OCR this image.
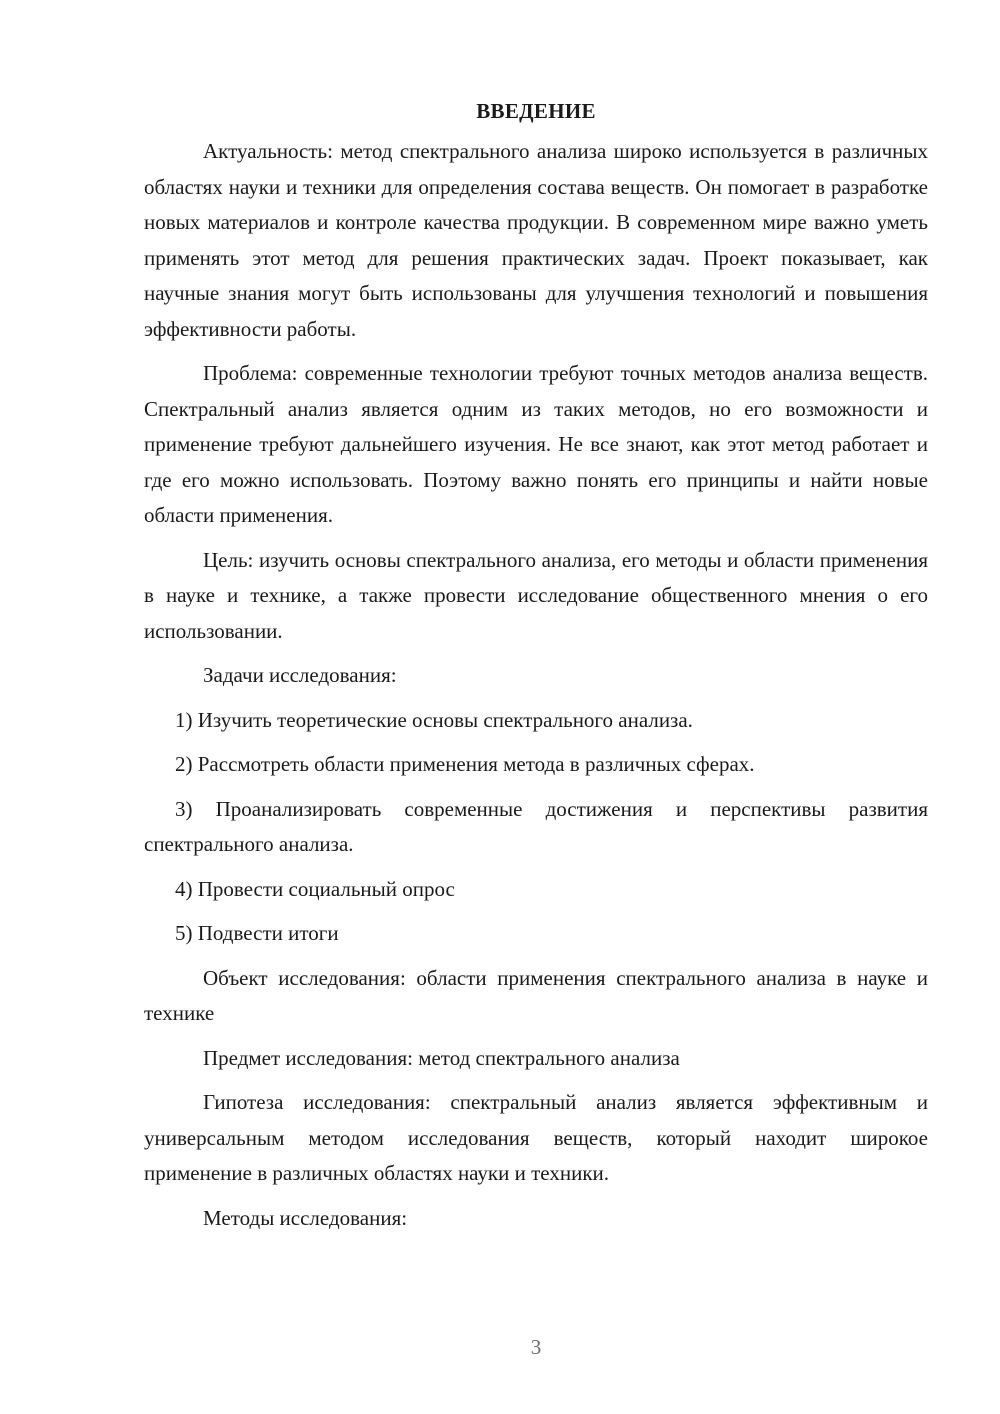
ВВЕДЕНИЕ

Актуальность: метод спектрального анализа широко используется в различных областях науки и техники для определения состава веществ. Он помогает в разработке новых материалов и контроле качества продукции. В современном мире важно уметь применять этот метод для решения практических задач. Проект показывает, как научные знания могут быть использованы для улучшения технологий и повышения эффективности работы.

Проблема: современные технологии требуют точных методов анализа веществ. Спектральный анализ является одним из таких методов, но его возможности и применение требуют дальнейшего изучения. Не все знают, как этот метод работает и где его можно использовать. Поэтому важно понять его принципы и найти новые области применения.

Цель: изучить основы спектрального анализа, его методы и области применения в науке и технике, а также провести исследование общественного мнения о его использовании.

Задачи исследования:

1) Изучить теоретические основы спектрального анализа.

2) Рассмотреть области применения метода в различных сферах.

3) Проанализировать современные достижения и перспективы развития спектрального анализа.

4) Провести социальный опрос

5) Подвести итоги

Объект исследования: области применения спектрального анализа в науке и технике

Предмет исследования: метод спектрального анализа

Гипотеза исследования: спектральный анализ является эффективным и универсальным методом исследования веществ, который находит широкое применение в различных областях науки и техники.

Методы исследования:

3
